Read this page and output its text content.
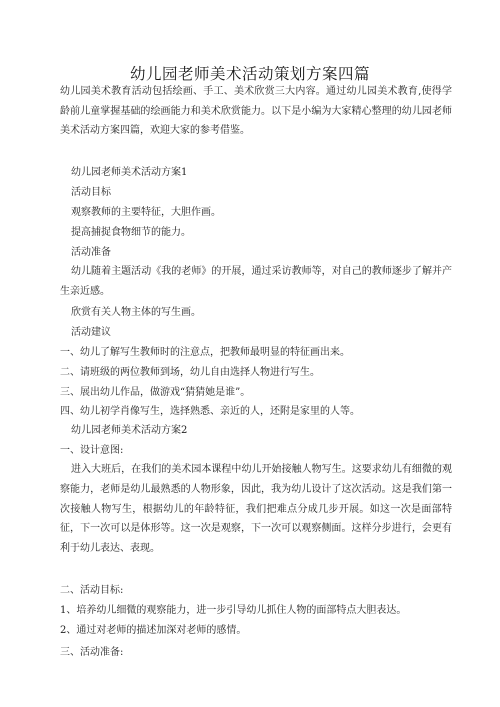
幼儿园老师美术活动策划方案四篇

幼儿园美术教育活动包括绘画、手工、美术欣赏三大内容。通过幼儿园美术教育,使得学龄前儿童掌握基础的绘画能力和美术欣赏能力。以下是小编为大家精心整理的幼儿园老师美术活动方案四篇，欢迎大家的参考借鉴。

幼儿园老师美术活动方案1
活动目标
观察教师的主要特征，大胆作画。
提高捕捉食物细节的能力。
活动准备

幼儿随着主题活动《我的老师》的开展，通过采访教师等，对自己的教师逐步了解并产生亲近感。

欣赏有关人物主体的写生画。
活动建议
一、幼儿了解写生教师时的注意点，把教师最明显的特征画出来。
二、请班级的两位教师到场，幼儿自由选择人物进行写生。
三、展出幼儿作品，做游戏“猜猜她是谁”。
四、幼儿初学肖像写生，选择熟悉、亲近的人，还附是家里的人等。
幼儿园老师美术活动方案2
一、设计意图:

进入大班后，在我们的美术园本课程中幼儿开始接触人物写生。这要求幼儿有细微的观察能力，老师是幼儿最熟悉的人物形象，因此，我为幼儿设计了这次活动。这是我们第一次接触人物写生，根据幼儿的年龄特征，我们把难点分成几步开展。如这一次是面部特征，下一次可以是体形等。这一次是观察，下一次可以观察侧面。这样分步进行，会更有利于幼儿表达、表现。

二、活动目标:
1、培养幼儿细微的观察能力，进一步引导幼儿抓住人物的面部特点大胆表达。
2、通过对老师的描述加深对老师的感情。
三、活动准备:
